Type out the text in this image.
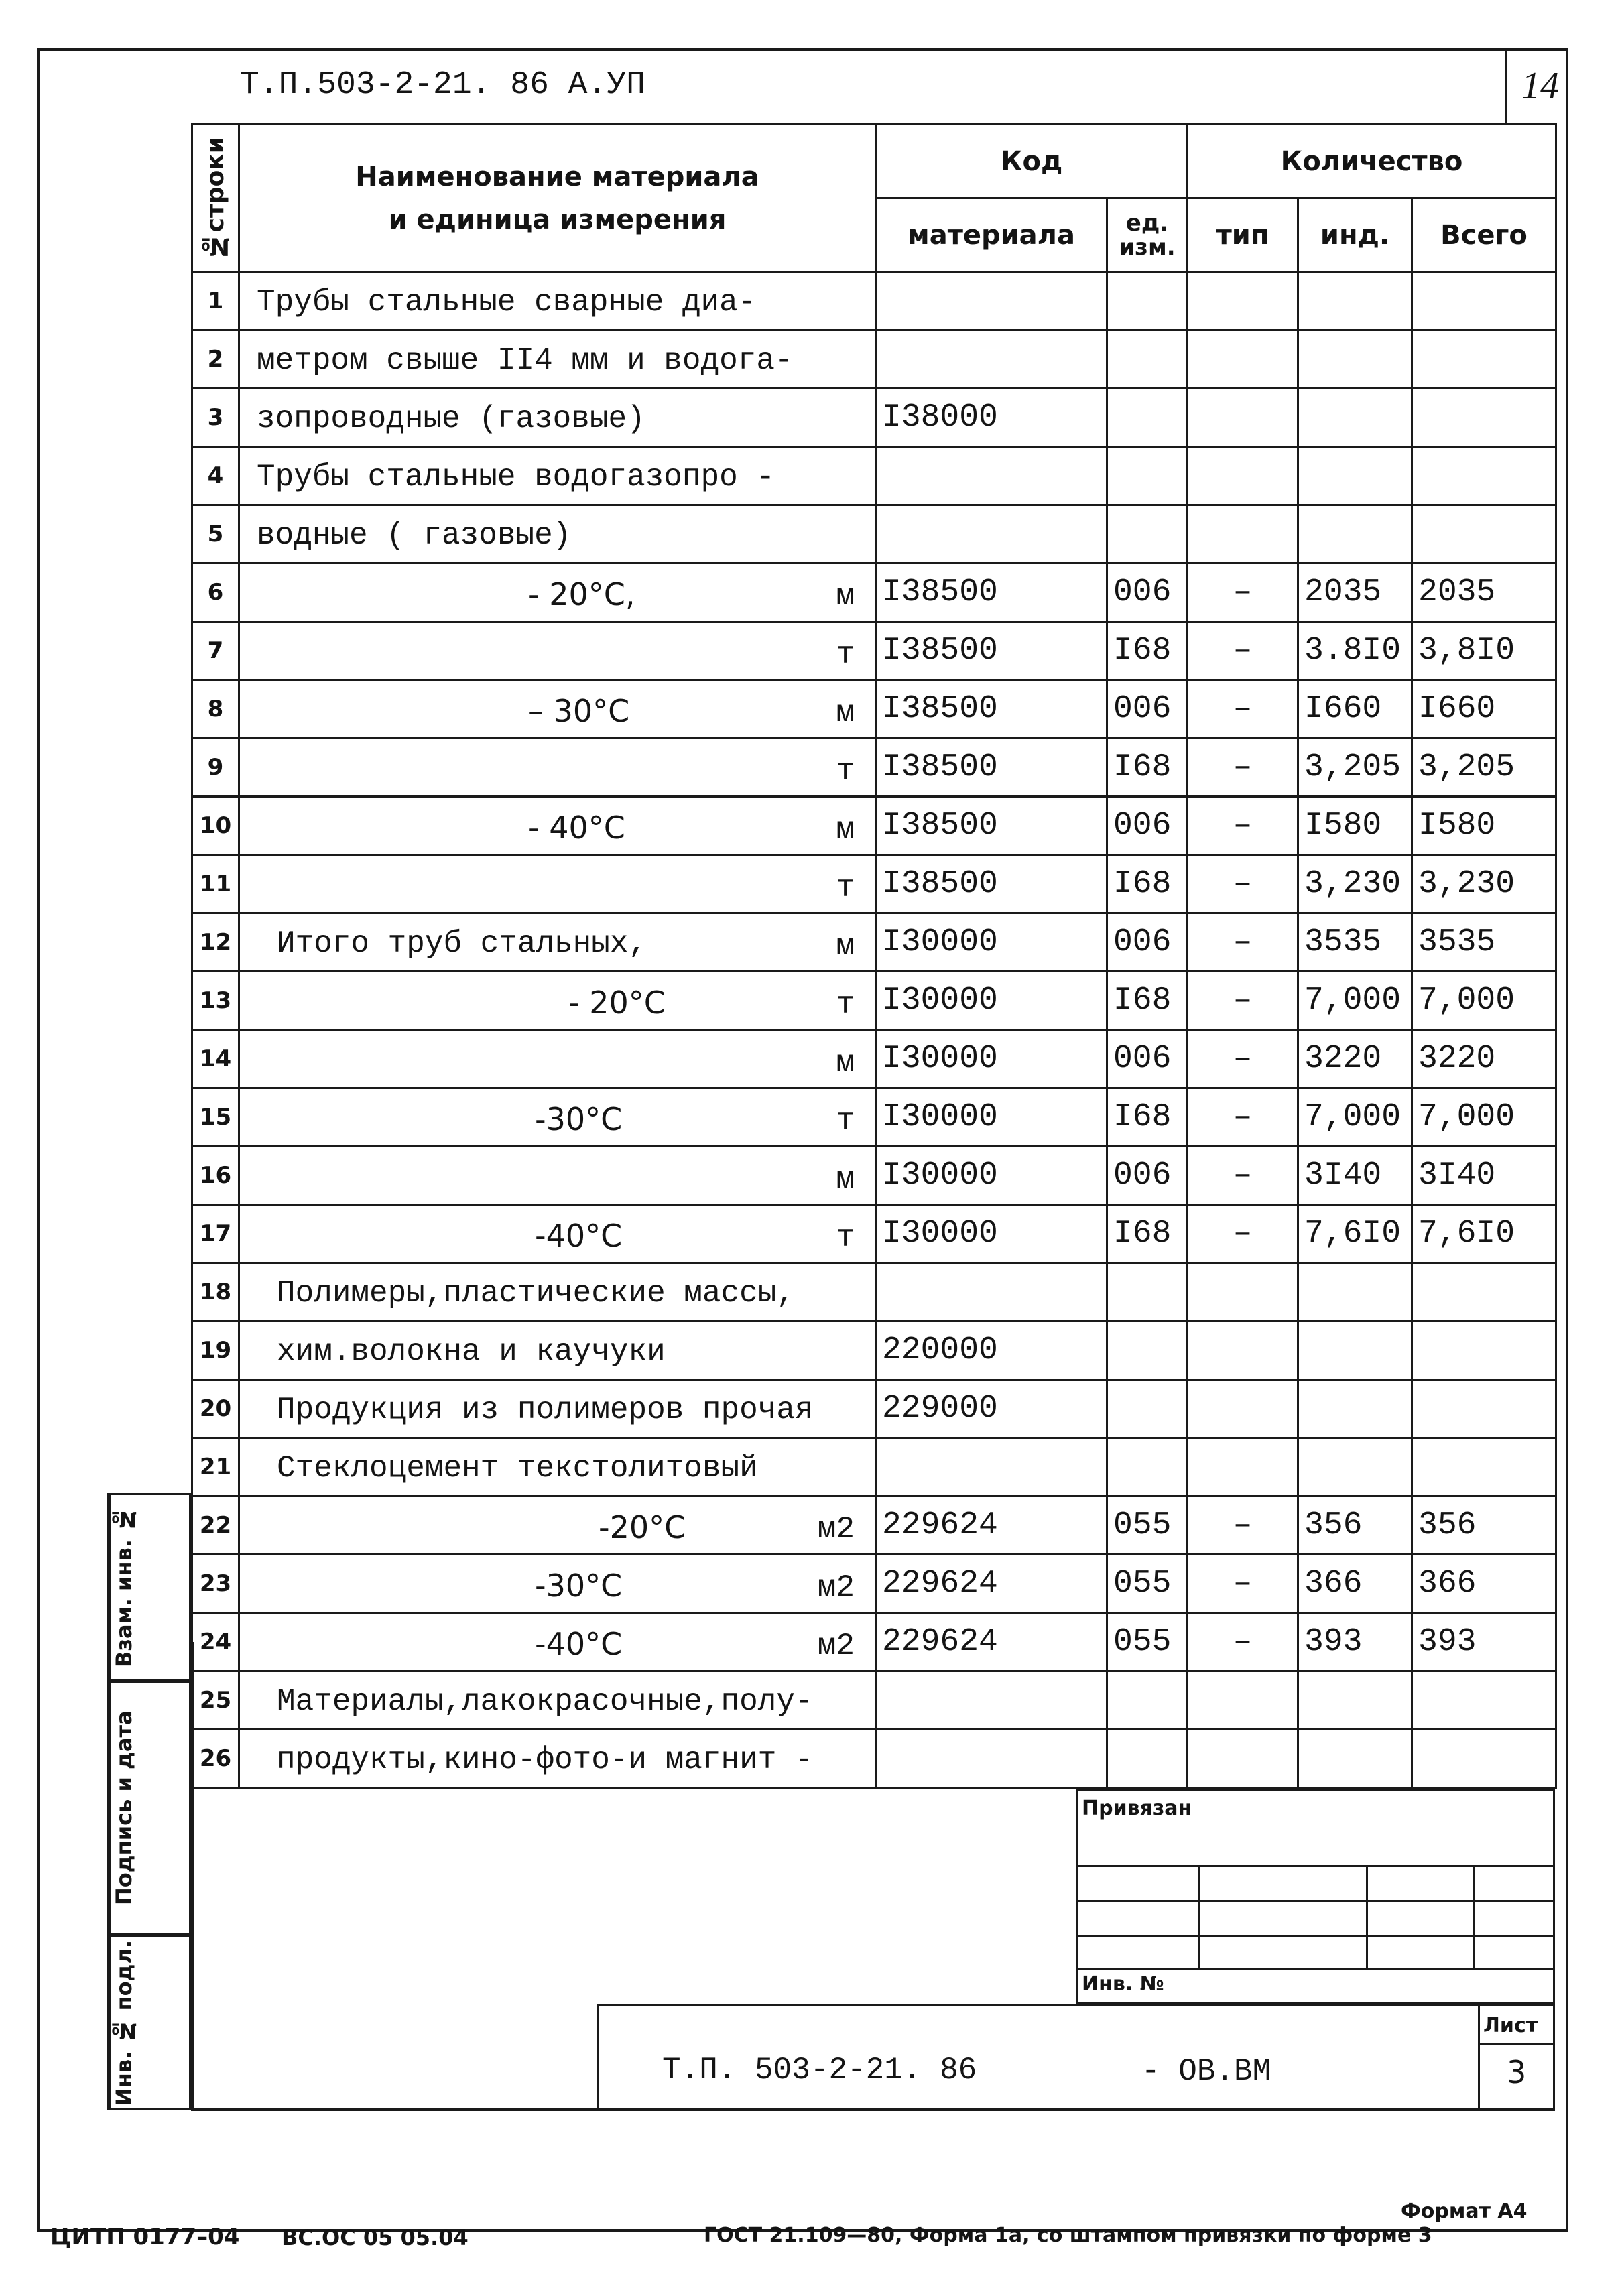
Т.П.503-2-21. 86 А.УП	14
№строки	Наименование материала
и единица измерения	Код		Количество		
		материала	ед. изм.	тип	инд.	Всего
1	Трубы стальные сварные диа-					

2	метром свыше II4 мм и водога-					

3	зопроводные (газовые)	I38000				
4	Трубы стальные водогазопро -					

5	водные ( газовые)					

6	- 20°С, м	I38500	006	–	2035	2035
7	т	I38500	I68	–	3.8I0	3,8I0
8	– 30°С м	I38500	006	–	I660	I660
9	т	I38500	I68	–	3,205	3,205
10	- 40°С м	I38500	006	–	I580	I580
11	т	I38500	I68	–	3,230	3,230
12	Итого труб стальных, м	I30000	006	–	3535	3535
13	- 20°С т	I30000	I68	–	7,000	7,000
14	м	I30000	006	–	3220	3220
15	-30°С т	I30000	I68	–	7,000	7,000
16	м	I30000	006	–	3I40	3I40
17	-40°С т	I30000	I68	–	7,6I0	7,6I0
18	Полимеры,пластические массы,					

19	хим.волокна и каучуки	220000				
20	Продукция из полимеров прочая	229000				
21	Стеклоцемент текстолитовый					

22	-20°С м2	229624	055	–	356	356
23	-30°С м2	229624	055	–	366	366
24	-40°С м2	229624	055	–	393	393
25	Материалы,лакокрасочные,полу-					

26	продукты,кино-фото-и магнит -					

Взам. инв. №
Подпись и дата
Инв. № подл.
Привязан
Инв. №
Т.П. 503-2-21. 86	- ОВ.ВМ
Лист
3
ЦИТП 0177–04 ВС.ОС 05 05.04	ГОСТ 21.109—80, Форма 1а, со штампом привязки по форме 3
Формат А4
